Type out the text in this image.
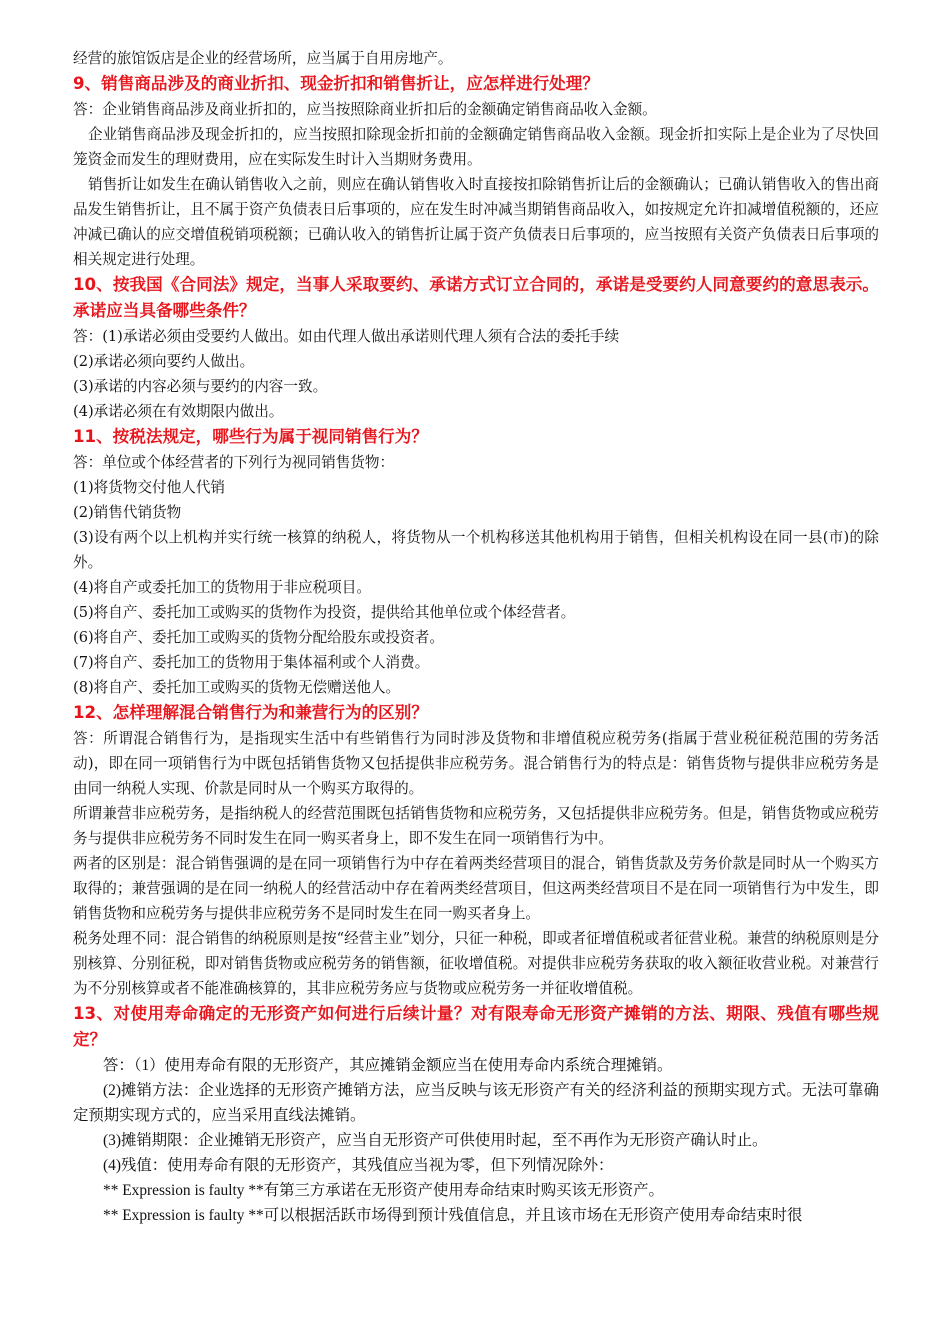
经营的旅馆饭店是企业的经营场所，应当属于自用房地产。

9、销售商品涉及的商业折扣、现金折扣和销售折让，应怎样进行处理？

答：企业销售商品涉及商业折扣的，应当按照除商业折扣后的金额确定销售商品收入金额。

企业销售商品涉及现金折扣的，应当按照扣除现金折扣前的金额确定销售商品收入金额。现金折扣实际上是企业为了尽快回笼资金而发生的理财费用，应在实际发生时计入当期财务费用。

销售折让如发生在确认销售收入之前，则应在确认销售收入时直接按扣除销售折让后的金额确认；已确认销售收入的售出商品发生销售折让，且不属于资产负债表日后事项的，应在发生时冲减当期销售商品收入，如按规定允许扣减增值税额的，还应冲减已确认的应交增值税销项税额；已确认收入的销售折让属于资产负债表日后事项的，应当按照有关资产负债表日后事项的相关规定进行处理。

10、按我国《合同法》规定，当事人采取要约、承诺方式订立合同的，承诺是受要约人同意要约的意思表示。承诺应当具备哪些条件？

答：(1)承诺必须由受要约人做出。如由代理人做出承诺则代理人须有合法的委托手续

(2)承诺必须向要约人做出。

(3)承诺的内容必须与要约的内容一致。

(4)承诺必须在有效期限内做出。

11、按税法规定，哪些行为属于视同销售行为？

答：单位或个体经营者的下列行为视同销售货物：

(1)将货物交付他人代销

(2)销售代销货物

(3)设有两个以上机构并实行统一核算的纳税人，将货物从一个机构移送其他机构用于销售，但相关机构设在同一县(市)的除外。

(4)将自产或委托加工的货物用于非应税项目。

(5)将自产、委托加工或购买的货物作为投资，提供给其他单位或个体经营者。

(6)将自产、委托加工或购买的货物分配给股东或投资者。

(7)将自产、委托加工的货物用于集体福利或个人消费。

(8)将自产、委托加工或购买的货物无偿赠送他人。

12、怎样理解混合销售行为和兼营行为的区别？

答：所谓混合销售行为，是指现实生活中有些销售行为同时涉及货物和非增值税应税劳务(指属于营业税征税范围的劳务活动)，即在同一项销售行为中既包括销售货物又包括提供非应税劳务。混合销售行为的特点是：销售货物与提供非应税劳务是由同一纳税人实现、价款是同时从一个购买方取得的。

所谓兼营非应税劳务，是指纳税人的经营范围既包括销售货物和应税劳务，又包括提供非应税劳务。但是，销售货物或应税劳务与提供非应税劳务不同时发生在同一购买者身上，即不发生在同一项销售行为中。

两者的区别是：混合销售强调的是在同一项销售行为中存在着两类经营项目的混合，销售货款及劳务价款是同时从一个购买方取得的；兼营强调的是在同一纳税人的经营活动中存在着两类经营项目，但这两类经营项目不是在同一项销售行为中发生，即销售货物和应税劳务与提供非应税劳务不是同时发生在同一购买者身上。

税务处理不同：混合销售的纳税原则是按“经营主业”划分，只征一种税，即或者征增值税或者征营业税。兼营的纳税原则是分别核算、分别征税，即对销售货物或应税劳务的销售额，征收增值税。对提供非应税劳务获取的收入额征收营业税。对兼营行为不分别核算或者不能准确核算的，其非应税劳务应与货物或应税劳务一并征收增值税。

13、对使用寿命确定的无形资产如何进行后续计量？对有限寿命无形资产摊销的方法、期限、残值有哪些规定？

答：（1）使用寿命有限的无形资产，其应摊销金额应当在使用寿命内系统合理摊销。

(2)摊销方法：企业选择的无形资产摊销方法，应当反映与该无形资产有关的经济利益的预期实现方式。无法可靠确定预期实现方式的，应当采用直线法摊销。

(3)摊销期限：企业摊销无形资产，应当自无形资产可供使用时起，至不再作为无形资产确认时止。

(4)残值：使用寿命有限的无形资产，其残值应当视为零，但下列情况除外：

** Expression is faulty **有第三方承诺在无形资产使用寿命结束时购买该无形资产。

** Expression is faulty **可以根据活跃市场得到预计残值信息，并且该市场在无形资产使用寿命结束时很
